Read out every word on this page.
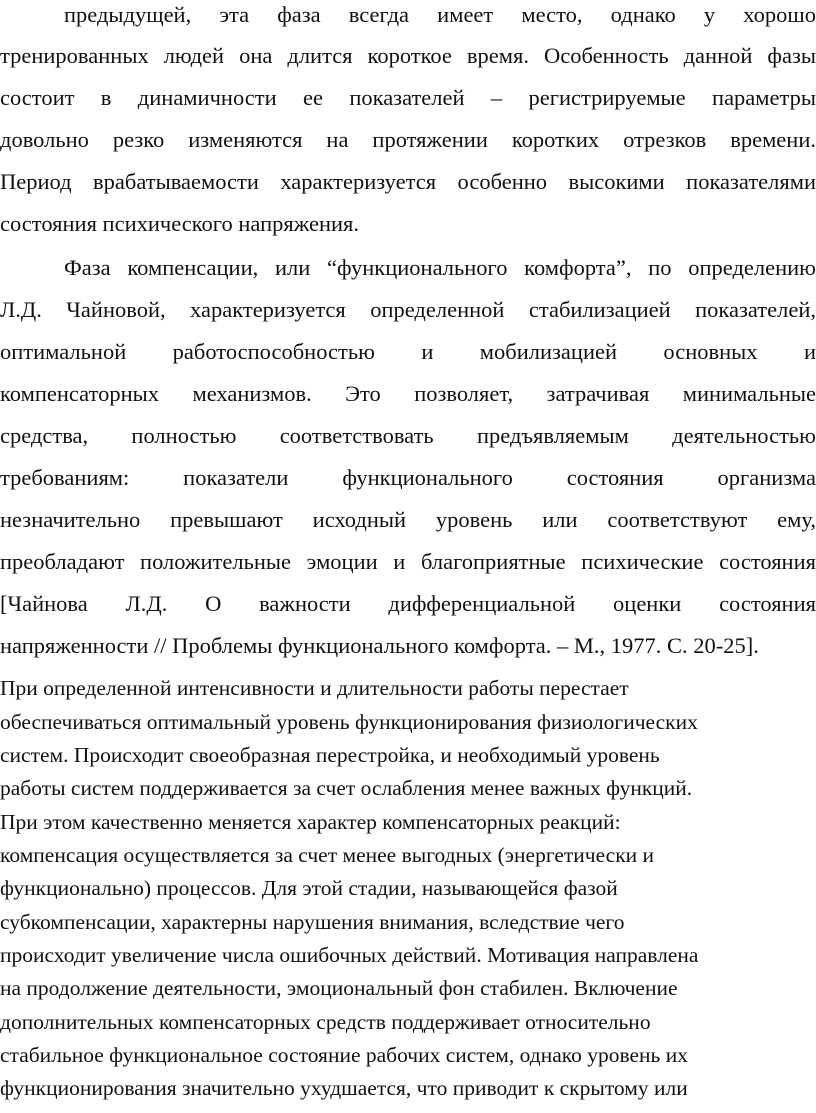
предыдущей, эта фаза всегда имеет место, однако у хорошо
тренированных людей она длится короткое время. Особенность данной фазы
состоит в динамичности ее показателей – регистрируемые параметры
довольно резко изменяются на протяжении коротких отрезков времени.
Период врабатываемости характеризуется особенно высокими показателями
состояния психического напряжения.
Фаза компенсации, или “функционального комфорта”, по определению
Л.Д. Чайновой, характеризуется определенной стабилизацией показателей,
оптимальной работоспособностью и мобилизацией основных и
компенсаторных механизмов. Это позволяет, затрачивая минимальные
средства, полностью соответствовать предъявляемым деятельностью
требованиям: показатели функционального состояния организма
незначительно превышают исходный уровень или соответствуют ему,
преобладают положительные эмоции и благоприятные психические состояния
[Чайнова Л.Д. О важности дифференциальной оценки состояния
напряженности // Проблемы функционального комфорта. – М., 1977. С. 20-25].
При определенной интенсивности и длительности работы перестает
обеспечиваться оптимальный уровень функционирования физиологических
систем. Происходит своеобразная перестройка, и необходимый уровень
работы систем поддерживается за счет ослабления менее важных функций.
При этом качественно меняется характер компенсаторных реакций:
компенсация осуществляется за счет менее выгодных (энергетически и
функционально) процессов. Для этой стадии, называющейся фазой
субкомпенсации, характерны нарушения внимания, вследствие чего
происходит увеличение числа ошибочных действий. Мотивация направлена
на продолжение деятельности, эмоциональный фон стабилен. Включение
дополнительных компенсаторных средств поддерживает относительно
стабильное функциональное состояние рабочих систем, однако уровень их
функционирования значительно ухудшается, что приводит к скрытому или
